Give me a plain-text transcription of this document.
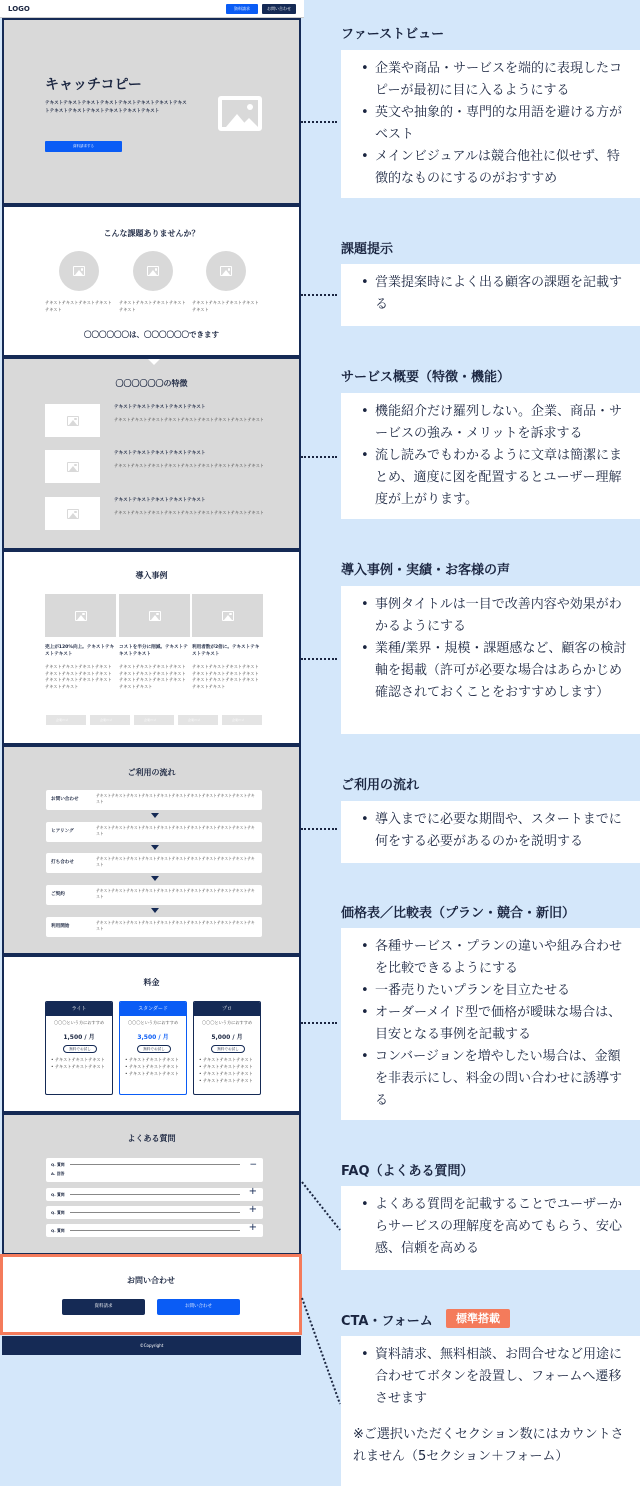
LOGO	資料請求	お問い合わせ
キャッチコピー
テキストテキストテキストテキストテキストテキストテキストテキストテキストテキストテキストテキストテキストテキスト
資料請求する
こんな課題ありませんか？
テキストテキストテキストテキストテキスト
テキストテキストテキストテキストテキスト
テキストテキストテキストテキストテキスト
〇〇〇〇〇〇は、〇〇〇〇〇〇できます
〇〇〇〇〇〇の特徴
テキストテキストテキストテキストテキスト
テキストテキストテキストテキストテキストテキストテキストテキストテキスト
テキストテキストテキストテキストテキスト
テキストテキストテキストテキストテキストテキストテキストテキストテキスト
テキストテキストテキストテキストテキスト
テキストテキストテキストテキストテキストテキストテキストテキストテキスト
導入事例
売上が120%向上。テキストテキストテキスト
コストを半分に削減。テキストテキストテキスト
利用者数が2倍に。テキストテキストテキスト
テキストテキストテキストテキストテキストテキストテキストテキストテキストテキストテキストテキストテキストテキスト
テキストテキストテキストテキストテキストテキストテキストテキストテキストテキストテキストテキストテキストテキスト
テキストテキストテキストテキストテキストテキストテキストテキストテキストテキストテキストテキストテキストテキスト
企業ロゴ	企業ロゴ	企業ロゴ	企業ロゴ	企業ロゴ
ご利用の流れ
お問い合わせ
テキストテキストテキストテキストテキストテキストテキストテキストテキストテキストテキスト
ヒアリング
テキストテキストテキストテキストテキストテキストテキストテキストテキストテキストテキスト
打ち合わせ
テキストテキストテキストテキストテキストテキストテキストテキストテキストテキストテキスト
ご契約
テキストテキストテキストテキストテキストテキストテキストテキストテキストテキストテキスト
利用開始
テキストテキストテキストテキストテキストテキストテキストテキストテキストテキストテキスト
料金
ライト
〇〇〇という方におすすめ
1,500 / 月
無料でお試し
• テキストテキストテキスト
• テキストテキストテキスト
スタンダード
〇〇〇という方におすすめ
3,500 / 月
無料でお試し
• テキストテキストテキスト
• テキストテキストテキスト
• テキストテキストテキスト
プロ
〇〇〇という方におすすめ
5,000 / 月
無料でお試し
• テキストテキストテキスト
• テキストテキストテキスト
• テキストテキストテキスト
• テキストテキストテキスト
よくある質問
Q. 質問
A. 回答
−
Q. 質問	+
Q. 質問	+
Q. 質問	+
お問い合わせ
資料請求	お問い合わせ
©Copyright
ファーストビュー
• 企業や商品・サービスを端的に表現したコピーが最初に目に入るようにする
• 英文や抽象的・専門的な用語を避ける方がベスト
• メインビジュアルは競合他社に似せず、特徴的なものにするのがおすすめ
課題提示
• 営業提案時によく出る顧客の課題を記載する
サービス概要（特徴・機能）
• 機能紹介だけ羅列しない。企業、商品・サービスの強み・メリットを訴求する
• 流し読みでもわかるように文章は簡潔にまとめ、適度に図を配置するとユーザー理解度が上がります。
導入事例・実績・お客様の声
• 事例タイトルは一目で改善内容や効果がわかるようにする
• 業種/業界・規模・課題感など、顧客の検討軸を掲載（許可が必要な場合はあらかじめ確認されておくことをおすすめします）
ご利用の流れ
• 導入までに必要な期間や、スタートまでに何をする必要があるのかを説明する
価格表／比較表（プラン・競合・新旧）
• 各種サービス・プランの違いや組み合わせを比較できるようにする
• 一番売りたいプランを目立たせる
• オーダーメイド型で価格が曖昧な場合は、目安となる事例を記載する
• コンバージョンを増やしたい場合は、金額を非表示にし、料金の問い合わせに誘導する
FAQ（よくある質問）
• よくある質問を記載することでユーザーからサービスの理解度を高めてもらう、安心感、信頼を高める
CTA・フォーム	標準搭載
• 資料請求、無料相談、お問合せなど用途に合わせてボタンを設置し、フォームへ遷移させます
※ご選択いただくセクション数にはカウントされません（5セクション＋フォーム）
